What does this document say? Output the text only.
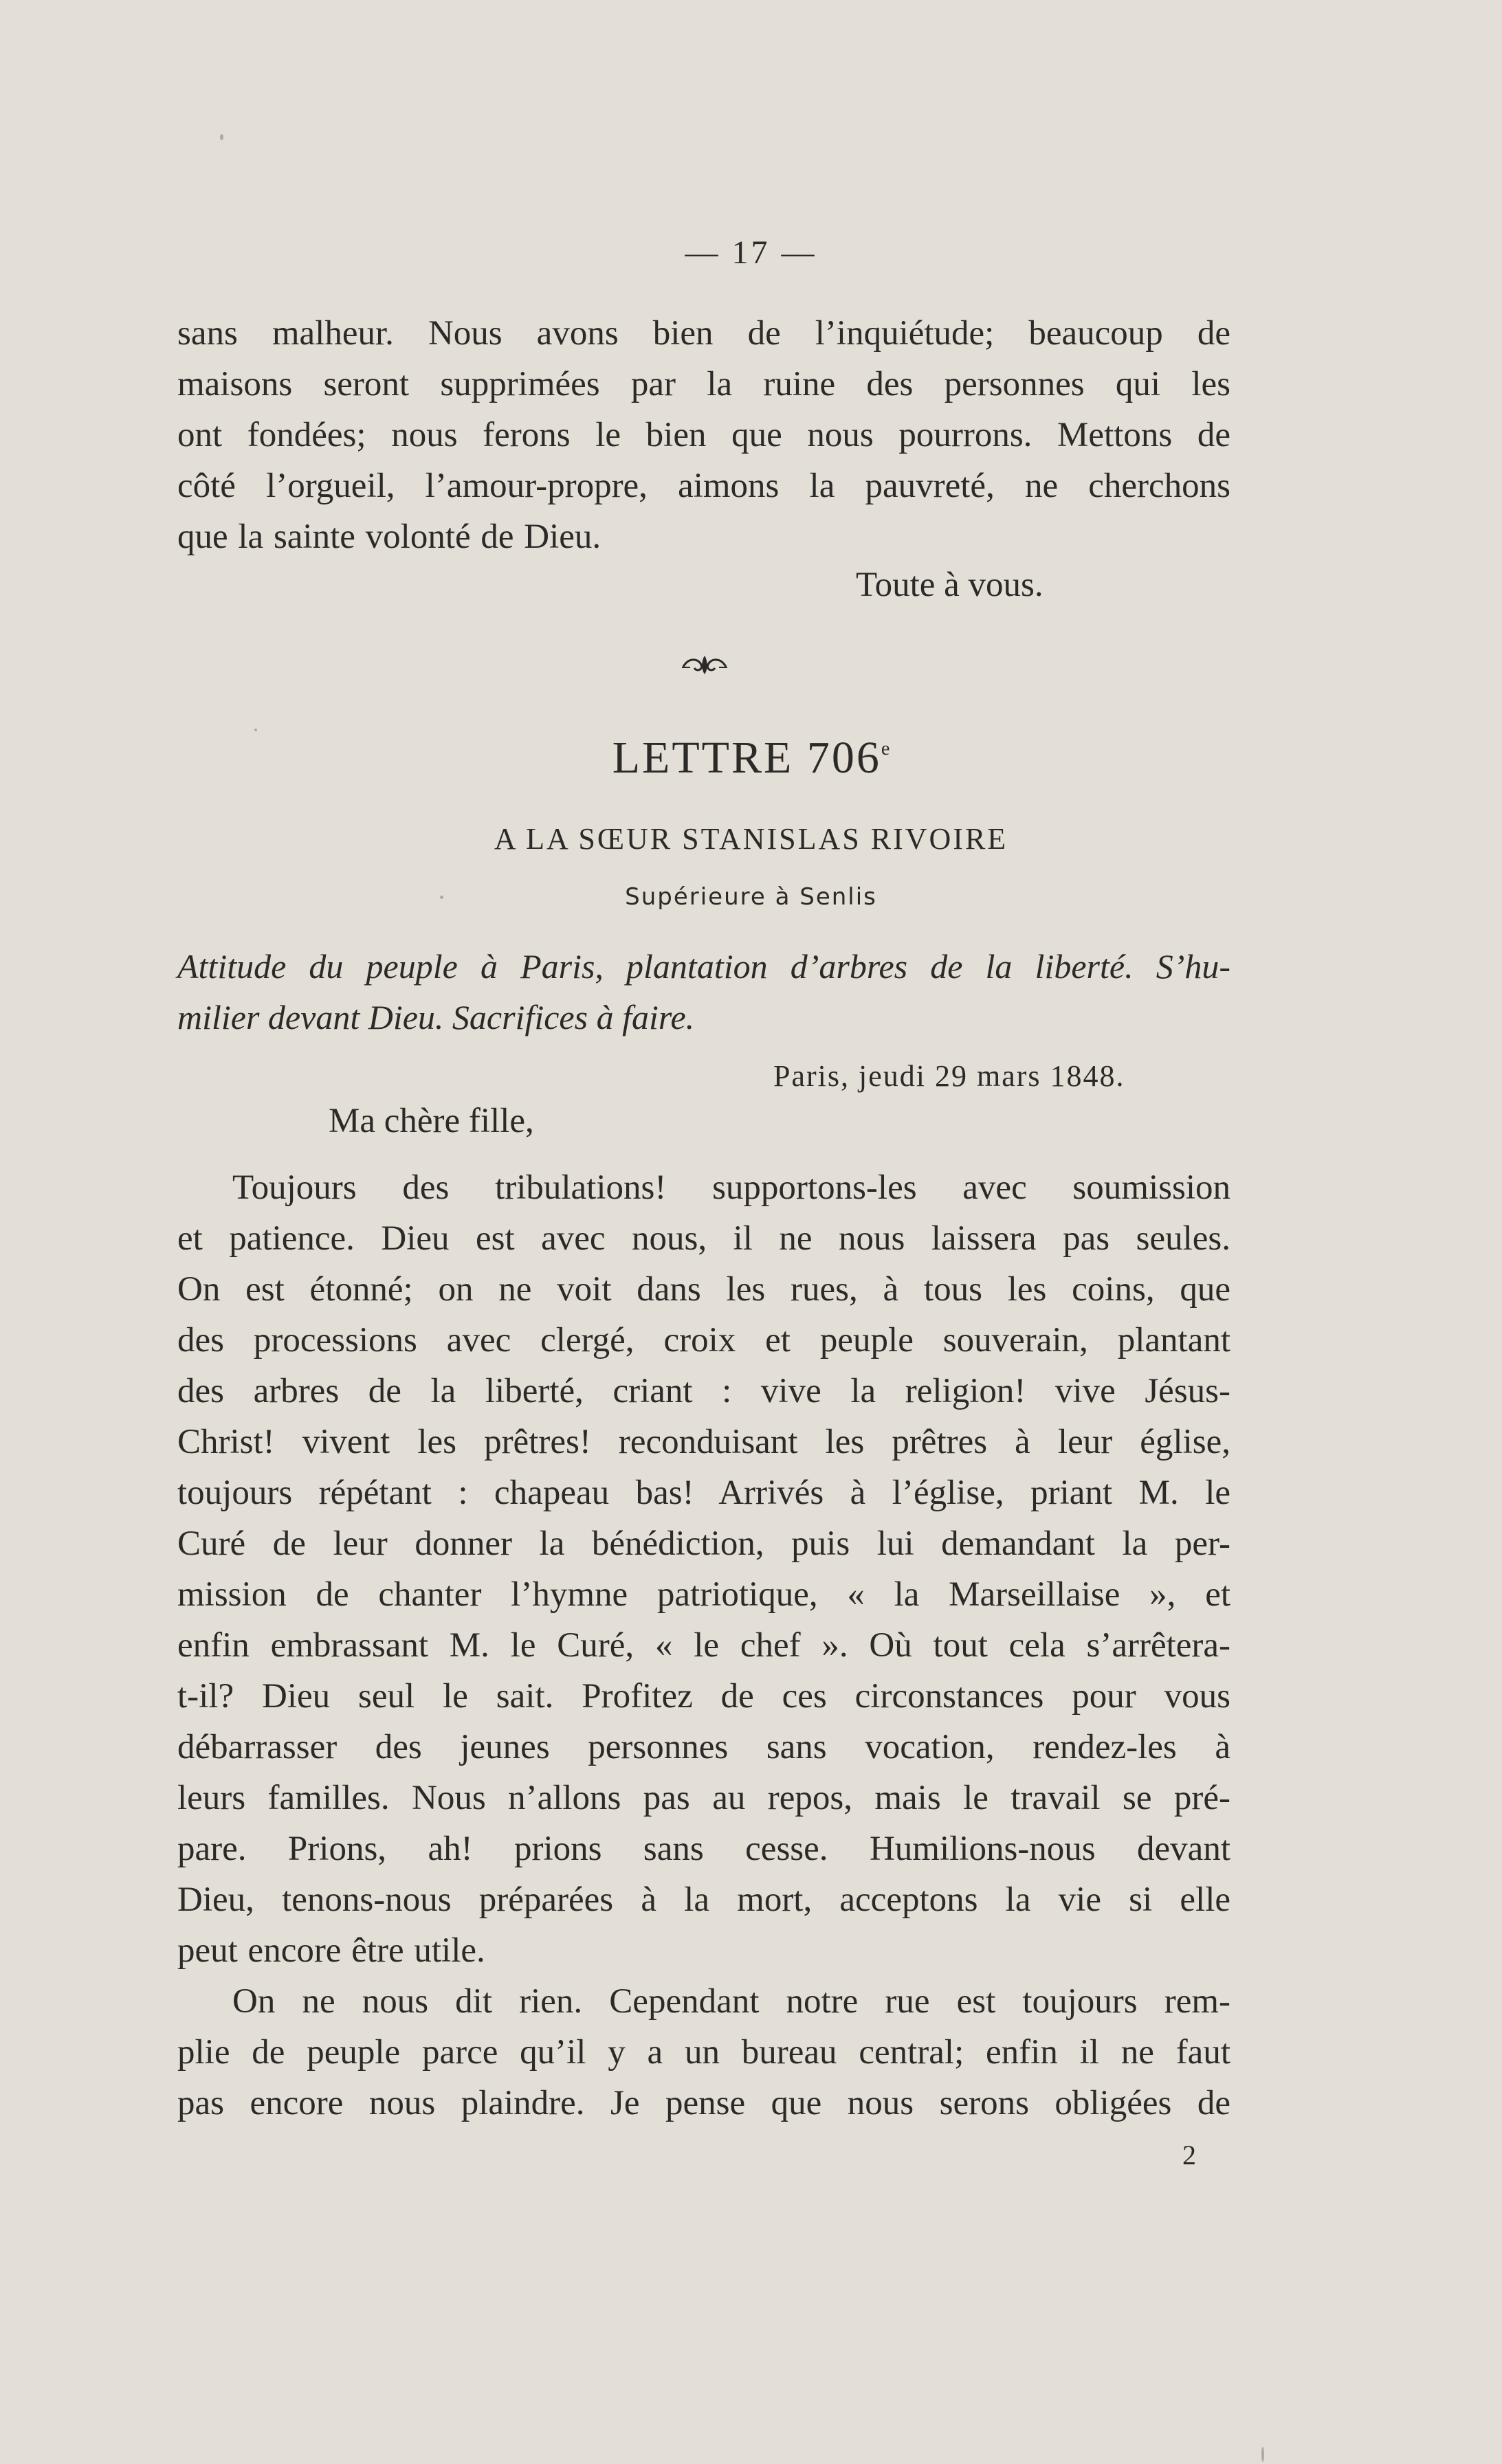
— 17 —
sans malheur. Nous avons bien de l’inquiétude; beaucoup de
maisons seront supprimées par la ruine des personnes qui les
ont fondées; nous ferons le bien que nous pourrons. Mettons de
côté l’orgueil, l’amour-propre, aimons la pauvreté, ne cherchons
que la sainte volonté de Dieu.
Toute à vous.
LETTRE 706e
A LA SŒUR STANISLAS RIVOIRE
Supérieure à Senlis
Attitude du peuple à Paris, plantation d’arbres de la liberté. S’hu-
milier devant Dieu. Sacrifices à faire.
Paris, jeudi 29 mars 1848.
Ma chère fille,
Toujours des tribulations! supportons-les avec soumission
et patience. Dieu est avec nous, il ne nous laissera pas seules.
On est étonné; on ne voit dans les rues, à tous les coins, que
des processions avec clergé, croix et peuple souverain, plantant
des arbres de la liberté, criant : vive la religion! vive Jésus-
Christ! vivent les prêtres! reconduisant les prêtres à leur église,
toujours répétant : chapeau bas! Arrivés à l’église, priant M. le
Curé de leur donner la bénédiction, puis lui demandant la per-
mission de chanter l’hymne patriotique, « la Marseillaise », et
enfin embrassant M. le Curé, « le chef ». Où tout cela s’arrêtera-
t-il? Dieu seul le sait. Profitez de ces circonstances pour vous
débarrasser des jeunes personnes sans vocation, rendez-les à
leurs familles. Nous n’allons pas au repos, mais le travail se pré-
pare. Prions, ah! prions sans cesse. Humilions-nous devant
Dieu, tenons-nous préparées à la mort, acceptons la vie si elle
peut encore être utile.
On ne nous dit rien. Cependant notre rue est toujours rem-
plie de peuple parce qu’il y a un bureau central; enfin il ne faut
pas encore nous plaindre. Je pense que nous serons obligées de
2
